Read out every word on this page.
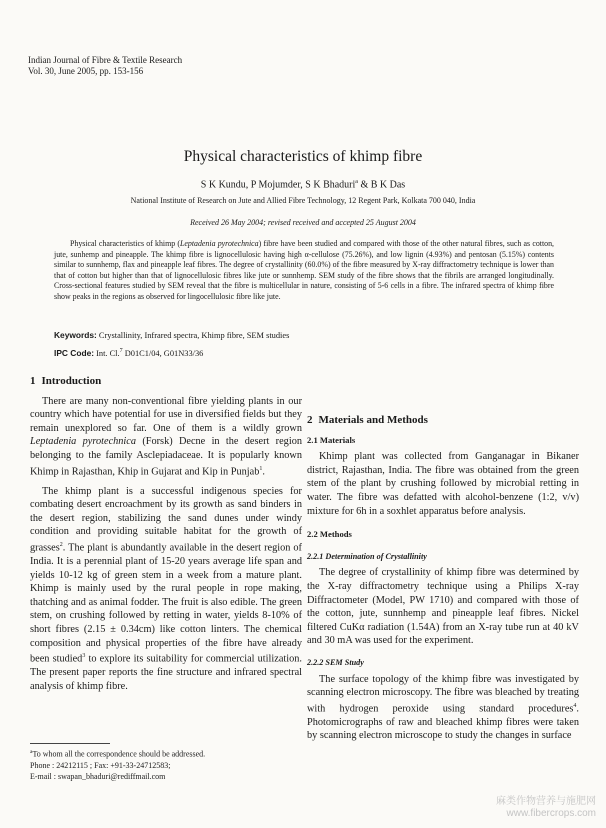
Indian Journal of Fibre & Textile Research
Vol. 30, June 2005, pp. 153-156
Physical characteristics of khimp fibre
S K Kundu, P Mojumder, S K Bhaduri$^a$ & B K Das
National Institute of Research on Jute and Allied Fibre Technology, 12 Regent Park, Kolkata 700 040, India
Received 26 May 2004; revised received and accepted 25 August 2004
Physical characteristics of khimp (Leptadenia pyrotechnica) fibre have been studied and compared with those of the other natural fibres, such as cotton, jute, sunhemp and pineapple. The khimp fibre is lignocellulosic having high α-cellulose (75.26%), and low lignin (4.93%) and pentosan (5.15%) contents similar to sunnhemp, flax and pineapple leaf fibres. The degree of crystallinity (60.0%) of the fibre measured by X-ray diffractometry technique is lower than that of cotton but higher than that of lignocellulosic fibres like jute or sunnhemp. SEM study of the fibre shows that the fibrils are arranged longitudinally. Cross-sectional features studied by SEM reveal that the fibre is multicellular in nature, consisting of 5-6 cells in a fibre. The infrared spectra of khimp fibre show peaks in the regions as observed for lingocellulosic fibre like jute.
Keywords: Crystallinity, Infrared spectra, Khimp fibre, SEM studies
IPC Code: Int. Cl.$^7$ D01C1/04, G01N33/36
1 Introduction

There are many non-conventional fibre yielding plants in our country which have potential for use in diversified fields but they remain unexplored so far. One of them is a wildly grown Leptadenia pyrotechnica (Forsk) Decne in the desert region belonging to the family Asclepiadaceae. It is popularly known Khimp in Rajasthan, Khip in Gujarat and Kip in Punjab$^1$.

The khimp plant is a successful indigenous species for combating desert encroachment by its growth as sand binders in the desert region, stabilizing the sand dunes under windy condition and providing suitable habitat for the growth of grasses$^2$. The plant is abundantly available in the desert region of India. It is a perennial plant of 15-20 years average life span and yields 10-12 kg of green stem in a week from a mature plant. Khimp is mainly used by the rural people in rope making, thatching and as animal fodder. The fruit is also edible. The green stem, on crushing followed by retting in water, yields 8-10% of short fibres (2.15 ± 0.34cm) like cotton linters. The chemical composition and physical properties of the fibre have already been studied$^3$ to explore its suitability for commercial utilization. The present paper reports the fine structure and infrared spectral analysis of khimp fibre.

2 Materials and Methods
2.1 Materials

Khimp plant was collected from Ganganagar in Bikaner district, Rajasthan, India. The fibre was obtained from the green stem of the plant by crushing followed by microbial retting in water. The fibre was defatted with alcohol-benzene (1:2, v/v) mixture for 6h in a soxhlet apparatus before analysis.

2.2 Methods
2.2.1 Determination of Crystallinity

The degree of crystallinity of khimp fibre was determined by the X-ray diffractometry technique using a Philips X-ray Diffractometer (Model, PW 1710) and compared with those of the cotton, jute, sunnhemp and pineapple leaf fibres. Nickel filtered CuKα radiation (1.54A) from an X-ray tube run at 40 kV and 30 mA was used for the experiment.

2.2.2 SEM Study

The surface topology of the khimp fibre was investigated by scanning electron microscopy. The fibre was bleached by treating with hydrogen peroxide using standard procedures$^4$. Photomicrographs of raw and bleached khimp fibres were taken by scanning electron microscope to study the changes in surface

$^a$To whom all the correspondence should be addressed.
Phone : 24212115 ; Fax: +91-33-24712583;
E-mail : swapan_bhaduri@rediffmail.com
麻类作物营养与施肥网
www.fibercrops.com
